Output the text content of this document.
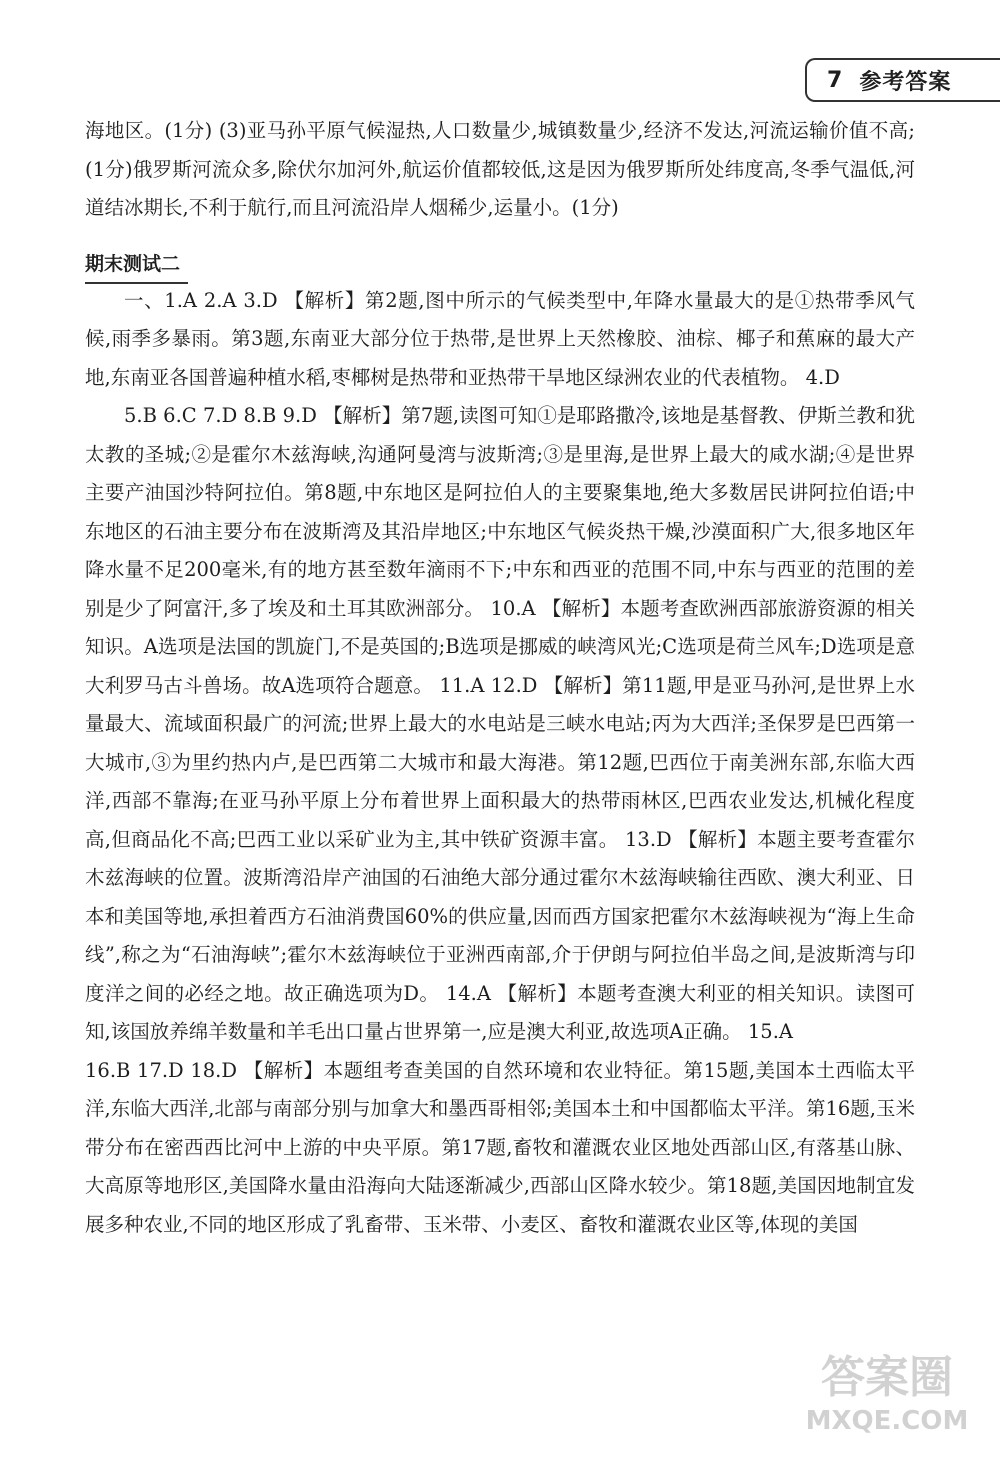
7 参考答案

海地区。(1分) (3)亚马孙平原气候湿热,人口数量少,城镇数量少,经济不发达,河流运输价值不高;(1分)俄罗斯河流众多,除伏尔加河外,航运价值都较低,这是因为俄罗斯所处纬度高,冬季气温低,河道结冰期长,不利于航行,而且河流沿岸人烟稀少,运量小。(1分)

期末测试二

一、1.A 2.A 3.D 【解析】第2题,图中所示的气候类型中,年降水量最大的是①热带季风气候,雨季多暴雨。第3题,东南亚大部分位于热带,是世界上天然橡胶、油棕、椰子和蕉麻的最大产地,东南亚各国普遍种植水稻,枣椰树是热带和亚热带干旱地区绿洲农业的代表植物。 4.D

5.B 6.C 7.D 8.B 9.D 【解析】第7题,读图可知①是耶路撒冷,该地是基督教、伊斯兰教和犹太教的圣城;②是霍尔木兹海峡,沟通阿曼湾与波斯湾;③是里海,是世界上最大的咸水湖;④是世界主要产油国沙特阿拉伯。第8题,中东地区是阿拉伯人的主要聚集地,绝大多数居民讲阿拉伯语;中东地区的石油主要分布在波斯湾及其沿岸地区;中东地区气候炎热干燥,沙漠面积广大,很多地区年降水量不足200毫米,有的地方甚至数年滴雨不下;中东和西亚的范围不同,中东与西亚的范围的差别是少了阿富汗,多了埃及和土耳其欧洲部分。 10.A 【解析】本题考查欧洲西部旅游资源的相关知识。A选项是法国的凯旋门,不是英国的;B选项是挪威的峡湾风光;C选项是荷兰风车;D选项是意大利罗马古斗兽场。故A选项符合题意。 11.A 12.D 【解析】第11题,甲是亚马孙河,是世界上水量最大、流域面积最广的河流;世界上最大的水电站是三峡水电站;丙为大西洋;圣保罗是巴西第一大城市,③为里约热内卢,是巴西第二大城市和最大海港。第12题,巴西位于南美洲东部,东临大西洋,西部不靠海;在亚马孙平原上分布着世界上面积最大的热带雨林区,巴西农业发达,机械化程度高,但商品化不高;巴西工业以采矿业为主,其中铁矿资源丰富。 13.D 【解析】本题主要考查霍尔木兹海峡的位置。波斯湾沿岸产油国的石油绝大部分通过霍尔木兹海峡输往西欧、澳大利亚、日本和美国等地,承担着西方石油消费国60%的供应量,因而西方国家把霍尔木兹海峡视为“海上生命线”,称之为“石油海峡”;霍尔木兹海峡位于亚洲西南部,介于伊朗与阿拉伯半岛之间,是波斯湾与印度洋之间的必经之地。故正确选项为D。 14.A 【解析】本题考查澳大利亚的相关知识。读图可知,该国放养绵羊数量和羊毛出口量占世界第一,应是澳大利亚,故选项A正确。 15.A

16.B 17.D 18.D 【解析】本题组考查美国的自然环境和农业特征。第15题,美国本土西临太平洋,东临大西洋,北部与南部分别与加拿大和墨西哥相邻;美国本土和中国都临太平洋。第16题,玉米带分布在密西西比河中上游的中央平原。第17题,畜牧和灌溉农业区地处西部山区,有落基山脉、大高原等地形区,美国降水量由沿海向大陆逐渐减少,西部山区降水较少。第18题,美国因地制宜发展多种农业,不同的地区形成了乳畜带、玉米带、小麦区、畜牧和灌溉农业区等,体现的美国

答案圈
MXQE.COM
